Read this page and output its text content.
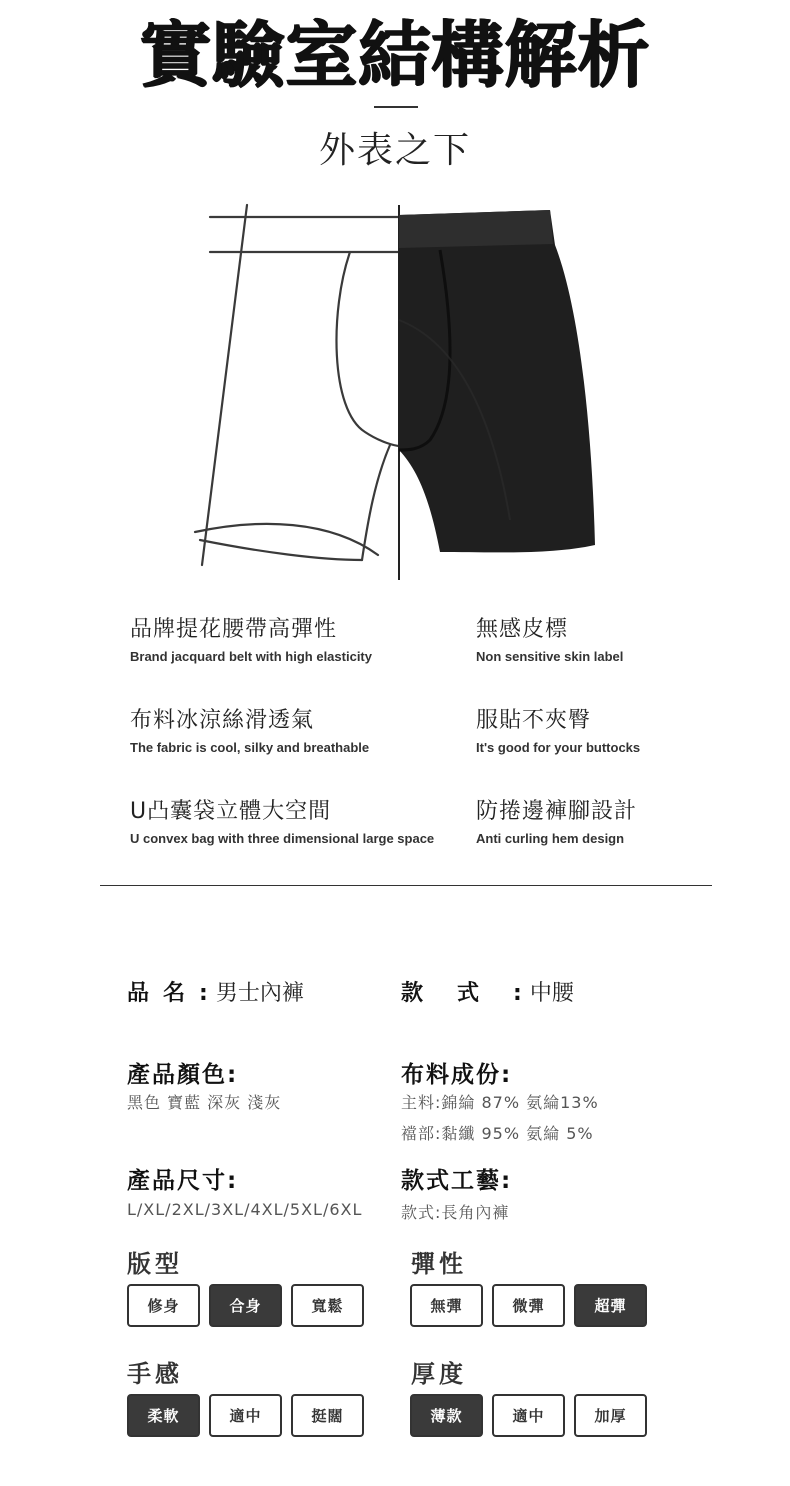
實驗室結構解析
外表之下
品牌提花腰帶高彈性
Brand jacquard belt with high elasticity
無感皮標
Non sensitive skin label
布料冰涼絲滑透氣
The fabric is cool, silky and breathable
服貼不夾臀
It's good for your buttocks
U凸囊袋立體大空間
U convex bag with three dimensional large space
防捲邊褲腳設計
Anti curling hem design
品名: 男士內褲	款式: 中腰
產品顏色:
黑色 寶藍 深灰 淺灰
布料成份:
主料:錦綸 87% 氨綸13%
襠部:黏纖 95% 氨綸 5%
產品尺寸:
L/XL/2XL/3XL/4XL/5XL/6XL
款式工藝:
款式:長角內褲
版型
修身	合身	寬鬆
彈性
無彈	微彈	超彈
手感
柔軟	適中	挺闊
厚度
薄款	適中	加厚
